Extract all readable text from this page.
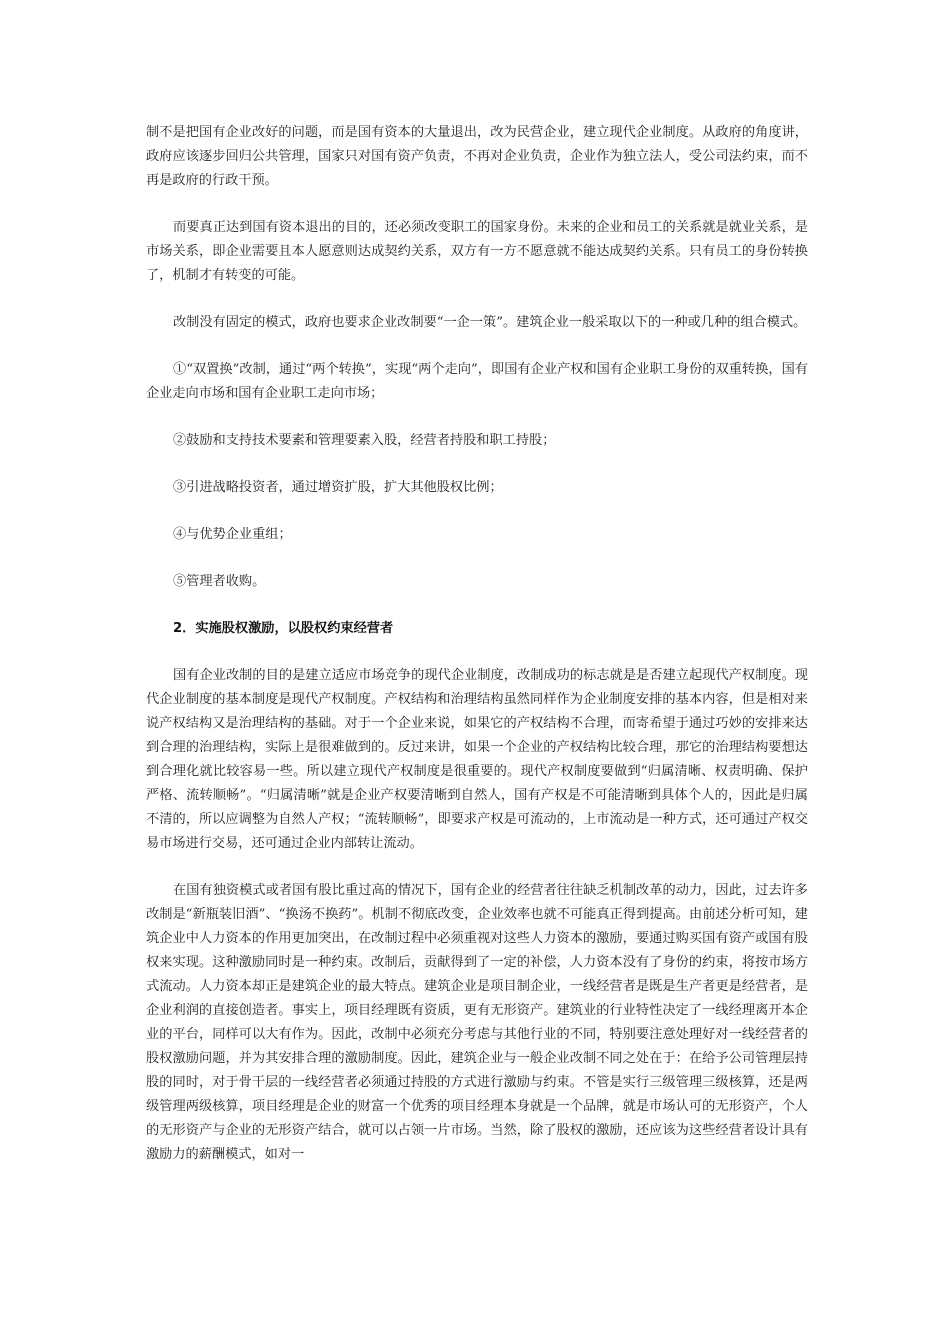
制不是把国有企业改好的问题，而是国有资本的大量退出，改为民营企业，建立现代企业制度。从政府的角度讲，政府应该逐步回归公共管理，国家只对国有资产负责，不再对企业负责，企业作为独立法人，受公司法约束，而不再是政府的行政干预。

而要真正达到国有资本退出的目的，还必须改变职工的国家身份。未来的企业和员工的关系就是就业关系，是市场关系，即企业需要且本人愿意则达成契约关系，双方有一方不愿意就不能达成契约关系。只有员工的身份转换了，机制才有转变的可能。

改制没有固定的模式，政府也要求企业改制要“一企一策”。建筑企业一般采取以下的一种或几种的组合模式。

①“双置换”改制，通过“两个转换”，实现“两个走向”，即国有企业产权和国有企业职工身份的双重转换，国有企业走向市场和国有企业职工走向市场；

②鼓励和支持技术要素和管理要素入股，经营者持股和职工持股；

③引进战略投资者，通过增资扩股，扩大其他股权比例；

④与优势企业重组；

⑤管理者收购。

2．实施股权激励，以股权约束经营者

国有企业改制的目的是建立适应市场竞争的现代企业制度，改制成功的标志就是是否建立起现代产权制度。现代企业制度的基本制度是现代产权制度。产权结构和治理结构虽然同样作为企业制度安排的基本内容，但是相对来说产权结构又是治理结构的基础。对于一个企业来说，如果它的产权结构不合理，而寄希望于通过巧妙的安排来达到合理的治理结构，实际上是很难做到的。反过来讲，如果一个企业的产权结构比较合理，那它的治理结构要想达到合理化就比较容易一些。所以建立现代产权制度是很重要的。现代产权制度要做到“归属清晰、权责明确、保护严格、流转顺畅”。“归属清晰”就是企业产权要清晰到自然人，国有产权是不可能清晰到具体个人的，因此是归属不清的，所以应调整为自然人产权；“流转顺畅”，即要求产权是可流动的，上市流动是一种方式，还可通过产权交易市场进行交易，还可通过企业内部转让流动。

在国有独资模式或者国有股比重过高的情况下，国有企业的经营者往往缺乏机制改革的动力，因此，过去许多改制是“新瓶装旧酒”、“换汤不换药”。机制不彻底改变，企业效率也就不可能真正得到提高。由前述分析可知，建筑企业中人力资本的作用更加突出，在改制过程中必须重视对这些人力资本的激励，要通过购买国有资产或国有股权来实现。这种激励同时是一种约束。改制后，贡献得到了一定的补偿，人力资本没有了身份的约束，将按市场方式流动。人力资本却正是建筑企业的最大特点。建筑企业是项目制企业，一线经营者是既是生产者更是经营者，是企业利润的直接创造者。事实上，项目经理既有资质，更有无形资产。建筑业的行业特性决定了一线经理离开本企业的平台，同样可以大有作为。因此，改制中必须充分考虑与其他行业的不同，特别要注意处理好对一线经营者的股权激励问题，并为其安排合理的激励制度。因此，建筑企业与一般企业改制不同之处在于：在给予公司管理层持股的同时，对于骨干层的一线经营者必须通过持股的方式进行激励与约束。不管是实行三级管理三级核算，还是两级管理两级核算，项目经理是企业的财富一个优秀的项目经理本身就是一个品牌，就是市场认可的无形资产，个人的无形资产与企业的无形资产结合，就可以占领一片市场。当然，除了股权的激励，还应该为这些经营者设计具有激励力的薪酬模式，如对一
